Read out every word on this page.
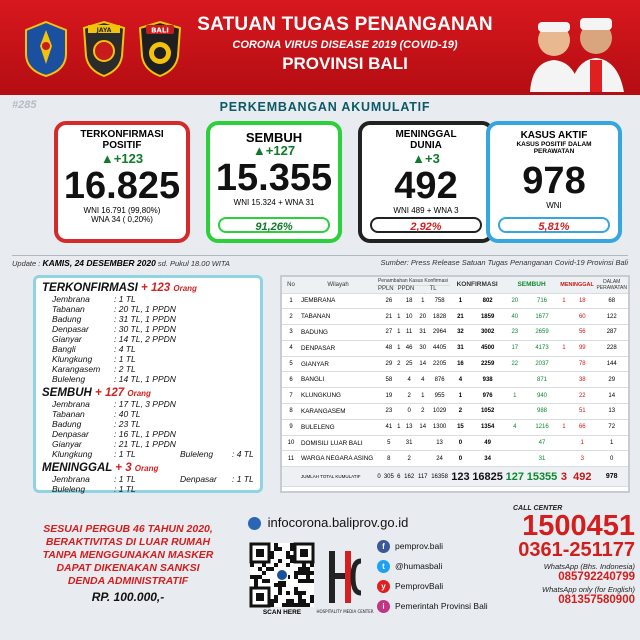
JAYA	BALI SATUAN TUGAS PENANGANAN
CORONA VIRUS DISEASE 2019 (COVID-19)
PROVINSI BALI
#285	PERKEMBANGAN AKUMULATIF
TERKONFIRMASI POSITIF
▲+123
16.825
WNI 16.791 (99,80%)
WNA 34 ( 0,20%)
SEMBUH
▲+127
15.355
WNI 15.324 + WNA 31
91,26%
MENINGGAL DUNIA
▲+3
492
WNI 489 + WNA 3
2,92%
KASUS AKTIF
KASUS POSITIF DALAM PERAWATAN
978
WNI
5,81%
Update : KAMIS, 24 DESEMBER 2020 sd. Pukul 18.00 WITA	Sumber: Press Release Satuan Tugas Penanganan Covid-19 Provinsi Bali
TERKONFIRMASI + 123 Orang
Jembrana	: 1 TL
Tabanan	: 20 TL, 1 PPDN
Badung	: 31 TL, 1 PPDN
Denpasar	: 30 TL, 1 PPDN
Gianyar	: 14 TL, 2 PPDN
Bangli	: 4 TL
Klungkung	: 1 TL
Karangasem : 2 TL
Buleleng	: 14 TL, 1 PPDN
SEMBUH + 127 Orang
Jembrana	: 17 TL, 3 PPDN
Tabanan	: 40 TL
Badung	: 23 TL
Denpasar	: 16 TL, 1 PPDN
Gianyar	: 21 TL, 1 PPDN
Klungkung	: 1 TL	Buleleng : 4 TL
MENINGGAL + 3 Orang
Jembrana	: 1 TL	Denpasar : 1 TL
Buleleng	: 1 TL
No	Wilayah	Penambahan Kasus Konfirmasi						KONFIRMASI		SEMBUH		MENINGGAL		DALAM PERAWATAN
		PPLN		PPDN		TL								
1	JEMBRANA		26		18	1	758	1	802	20	716	1	18	68
2	TABANAN		21	1	10	20	1828	21	1859	40	1677		60	122
3	BADUNG		27	1	11	31	2964	32	3002	23	2659		56	287
4	DENPASAR		48	1	46	30	4405	31	4500	17	4173	1	99	228
5	GIANYAR		29	2	25	14	2205	16	2259	22	2037		78	144
6	BANGLI		58		4	4	876	4	938		871		38	29
7	KLUNGKUNG		19		2	1	955	1	976	1	940		22	14
8	KARANGASEM		23		0	2	1029	2	1052		988		51	13
9	BULELENG		41	1	13	14	1300	15	1354	4	1216	1	66	72
10	DOMISILI LUAR BALI		5		31		13	0	49		47		1	1
11	WARGA NEGARA ASING		8		2		24	0	34		31		3	0
	JUMLAH TOTAL KUMULATIF	0	305	6	162	117	16358	123	16825	127	15355	3	492	978
SESUAI PERGUB 46 TAHUN 2020,
BERAKTIVITAS DI LUAR RUMAH
TANPA MENGGUNAKAN MASKER
DAPAT DIKENAKAN SANKSI
DENDA ADMINISTRATIF
RP. 100.000,-
infocorona.baliprov.go.id
SCAN HERE	HOSPITALITY MEDIA CENTER
f pemprov.bali
t @humasbali
y PemprovBali
i Pemerintah Provinsi Bali
CALL CENTER
1500451
0361-251177
WhatsApp (Bhs. Indonesia)
085792240799
WhatsApp only (for English)
081357580900
